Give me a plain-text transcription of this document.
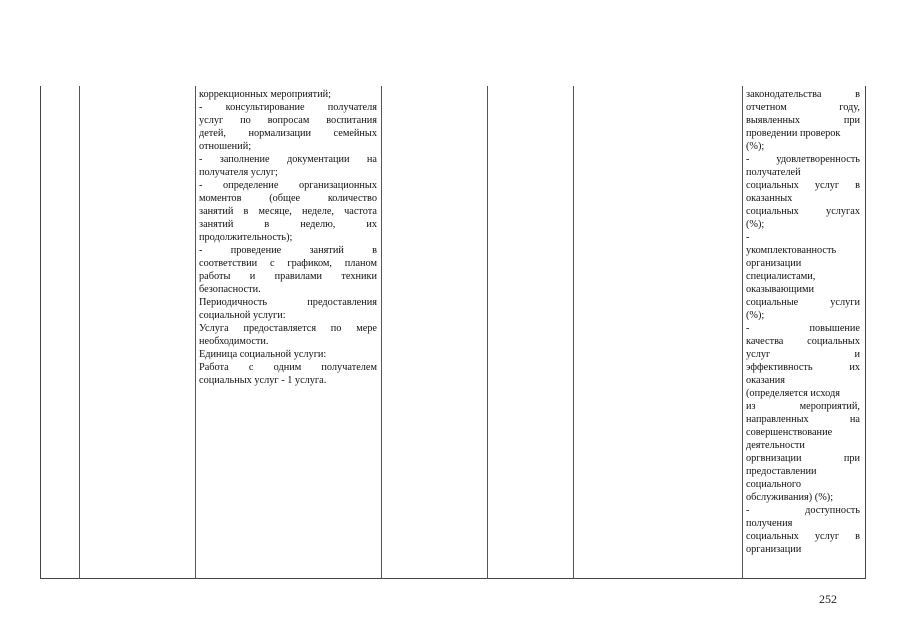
коррекционных мероприятий;
- консультирование получателя
услуг по вопросам воспитания
детей, нормализации семейных
отношений;
- заполнение документации на
получателя услуг;
- определение организационных
моментов (общее количество
занятий в месяце, неделе, частота
занятий в неделю, их
продолжительность);
- проведение занятий в
соответствии с графиком, планом
работы и правилами техники
безопасности.
Периодичность предоставления
социальной услуги:
Услуга предоставляется по мере
необходимости.
Единица социальной услуги:
Работа с одним получателем
социальных услуг - 1 услуга.
законодательства в
отчетном году,
выявленных при
проведении проверок
(%);
- удовлетворенность
получателей
социальных услуг в
оказанных
социальных услугах
(%);
-
укомплектованность
организации
специалистами,
оказывающими
социальные услуги
(%);
- повышение
качества социальных
услуг и
эффективность их
оказания
(определяется исходя
из мероприятий,
направленных на
совершенствование
деятельности
оргвнизации при
предоставлении
социального
обслуживания) (%);
- доступность
получения
социальных услуг в
организации
252
